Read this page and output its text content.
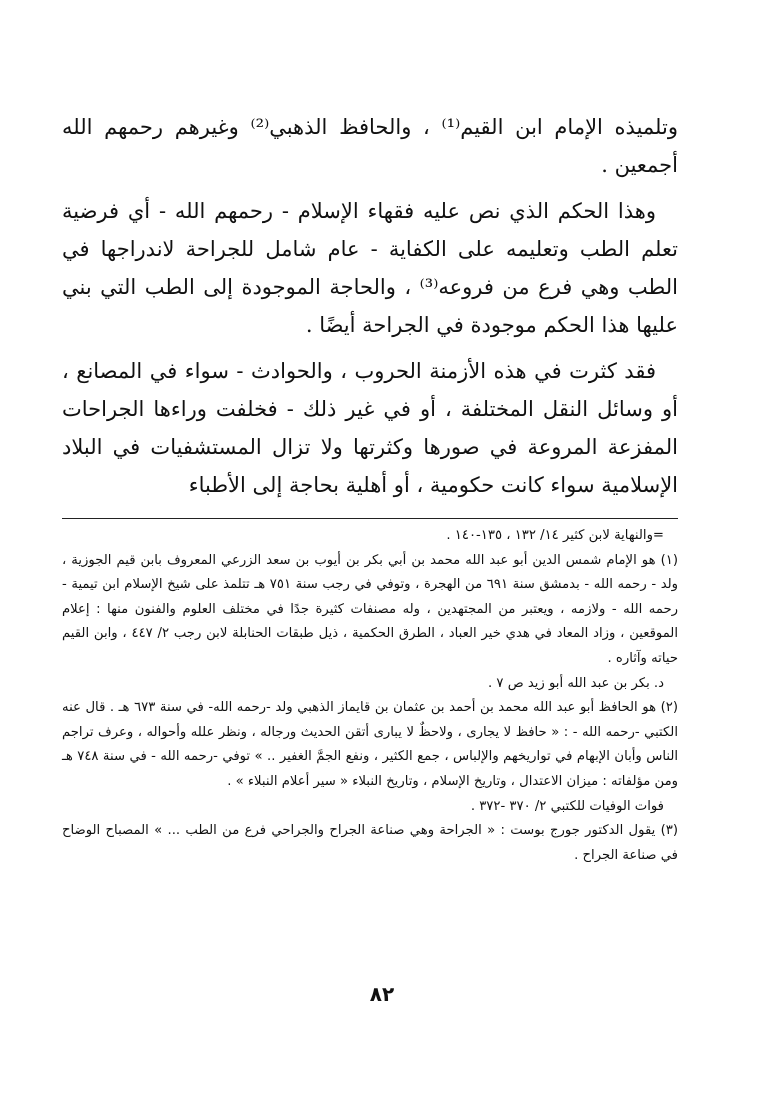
وتلميذه الإمام ابن القيم⁽¹⁾ ، والحافظ الذهبي⁽²⁾ وغيرهم رحمهم الله أجمعين .

وهذا الحكم الذي نص عليه فقهاء الإسلام - رحمهم الله - أي فرضية تعلم الطب وتعليمه على الكفاية - عام شامل للجراحة لاندراجها في الطب وهي فرع من فروعه⁽³⁾ ، والحاجة الموجودة إلى الطب التي بني عليها هذا الحكم موجودة في الجراحة أيضًا .

فقد كثرت في هذه الأزمنة الحروب ، والحوادث - سواء في المصانع ، أو وسائل النقل المختلفة ، أو في غير ذلك - فخلفت وراءها الجراحات المفزعة المروعة في صورها وكثرتها ولا تزال المستشفيات في البلاد الإسلامية سواء كانت حكومية ، أو أهلية بحاجة إلى الأطباء

=والنهاية لابن كثير ١٤/ ١٣٢ ، ١٣٥-١٤٠ .

(١) هو الإمام شمس الدين أبو عبد الله محمد بن أبي بكر بن أيوب بن سعد الزرعي المعروف بابن قيم الجوزية ، ولد - رحمه الله - بدمشق سنة ٦٩١ من الهجرة ، وتوفي في رجب سنة ٧٥١ هـ تتلمذ على شيخ الإسلام ابن تيمية - رحمه الله - ولازمه ، ويعتبر من المجتهدين ، وله مصنفات كثيرة جدًا في مختلف العلوم والفنون منها : إعلام الموقعين ، وزاد المعاد في هدي خير العباد ، الطرق الحكمية ، ذيل طبقات الحنابلة لابن رجب ٢/ ٤٤٧ ، وابن القيم حياته وآثاره .

د. بكر بن عبد الله أبو زيد ص ٧ .

(٢) هو الحافظ أبو عبد الله محمد بن أحمد بن عثمان بن قايماز الذهبي ولد -رحمه الله- في سنة ٦٧٣ هـ . قال عنه الكتبي -رحمه الله - : « حافظ لا يجارى ، ولاحظٌ لا يبارى أتقن الحديث ورجاله ، ونظر علله وأحواله ، وعرف تراجم الناس وأبان الإبهام في تواريخهم والإلباس ، جمع الكثير ، ونفع الجمَّ الغفير .. » توفي -رحمه الله - في سنة ٧٤٨ هـ ومن مؤلفاته : ميزان الاعتدال ، وتاريخ الإسلام ، وتاريخ النبلاء « سير أعلام النبلاء » .

فوات الوفيات للكتبي ٢/ ٣٧٠ -٣٧٢ .

(٣) يقول الدكتور جورج بوست : « الجراحة وهي صناعة الجراح والجراحي فرع من الطب ... » المصباح الوضاح في صناعة الجراح .

٨٢
